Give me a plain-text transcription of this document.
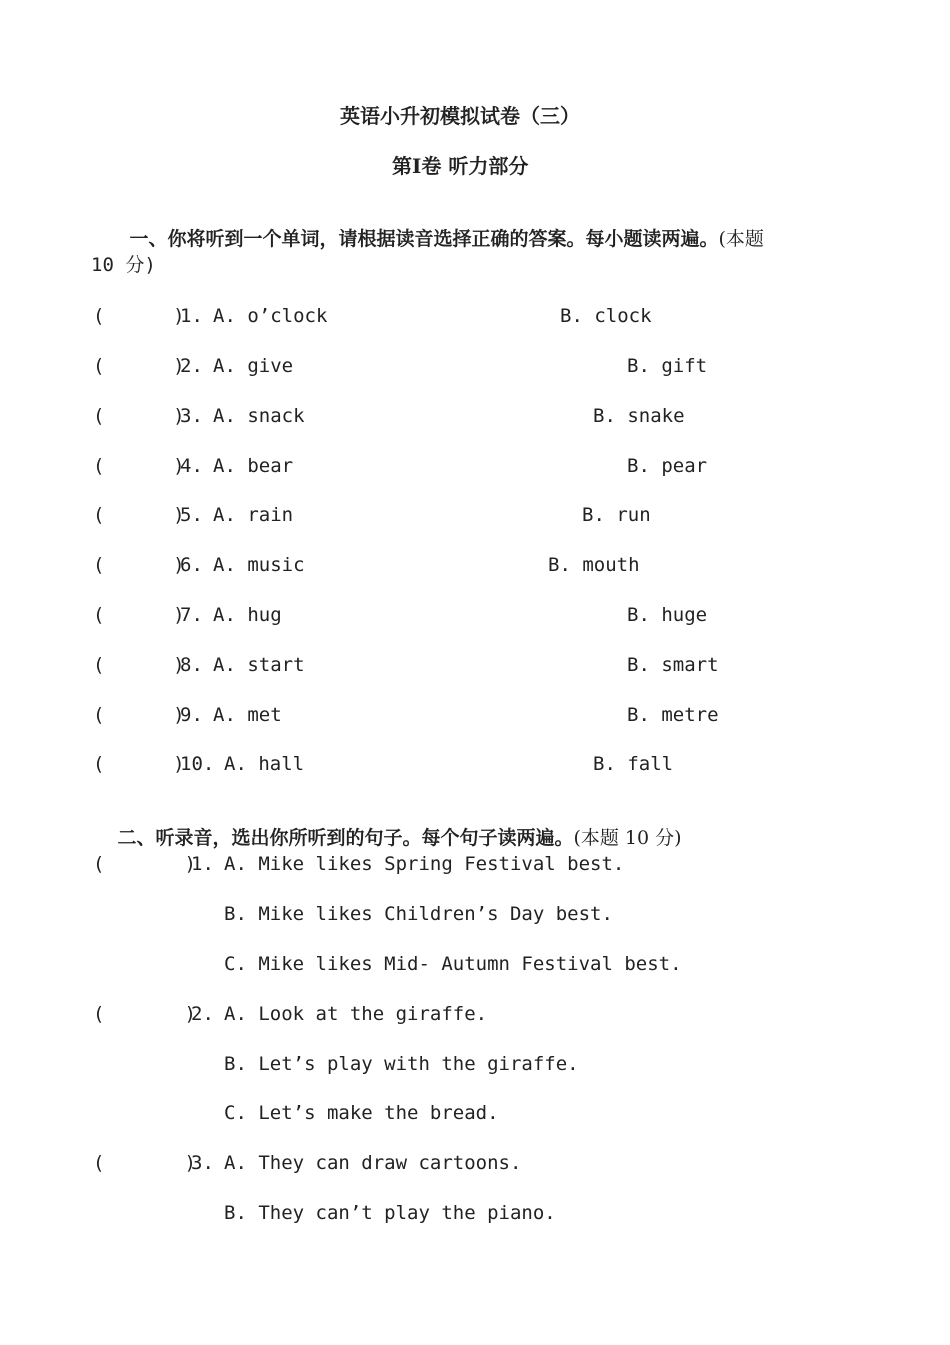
英语小升初模拟试卷（三）
第Ⅰ卷 听力部分

一、你将听到一个单词，请根据读音选择正确的答案。每小题读两遍。(本题

10 分)
(      )
1. A. o’clock	B. clock
(      )
2. A. give	B. gift
(      )
3. A. snack	B. snake
(      )
4. A. bear	B. pear
(      )
5. A. rain	B. run
(      )
6. A. music	B. mouth
(      )
7. A. hug	B. huge
(      )
8. A. start	B. smart
(      )
9. A. met	B. metre
(      )
10. A. hall	B. fall

二、听录音，选出你所听到的句子。每个句子读两遍。(本题 10 分)

(       )
1. A. Mike likes Spring Festival best.
B. Mike likes Children’s Day best.
C. Mike likes Mid- Autumn Festival best.
(       )
2. A. Look at the giraffe.
B. Let’s play with the giraffe.
C. Let’s make the bread.
(       )
3. A. They can draw cartoons.
B. They can’t play the piano.
